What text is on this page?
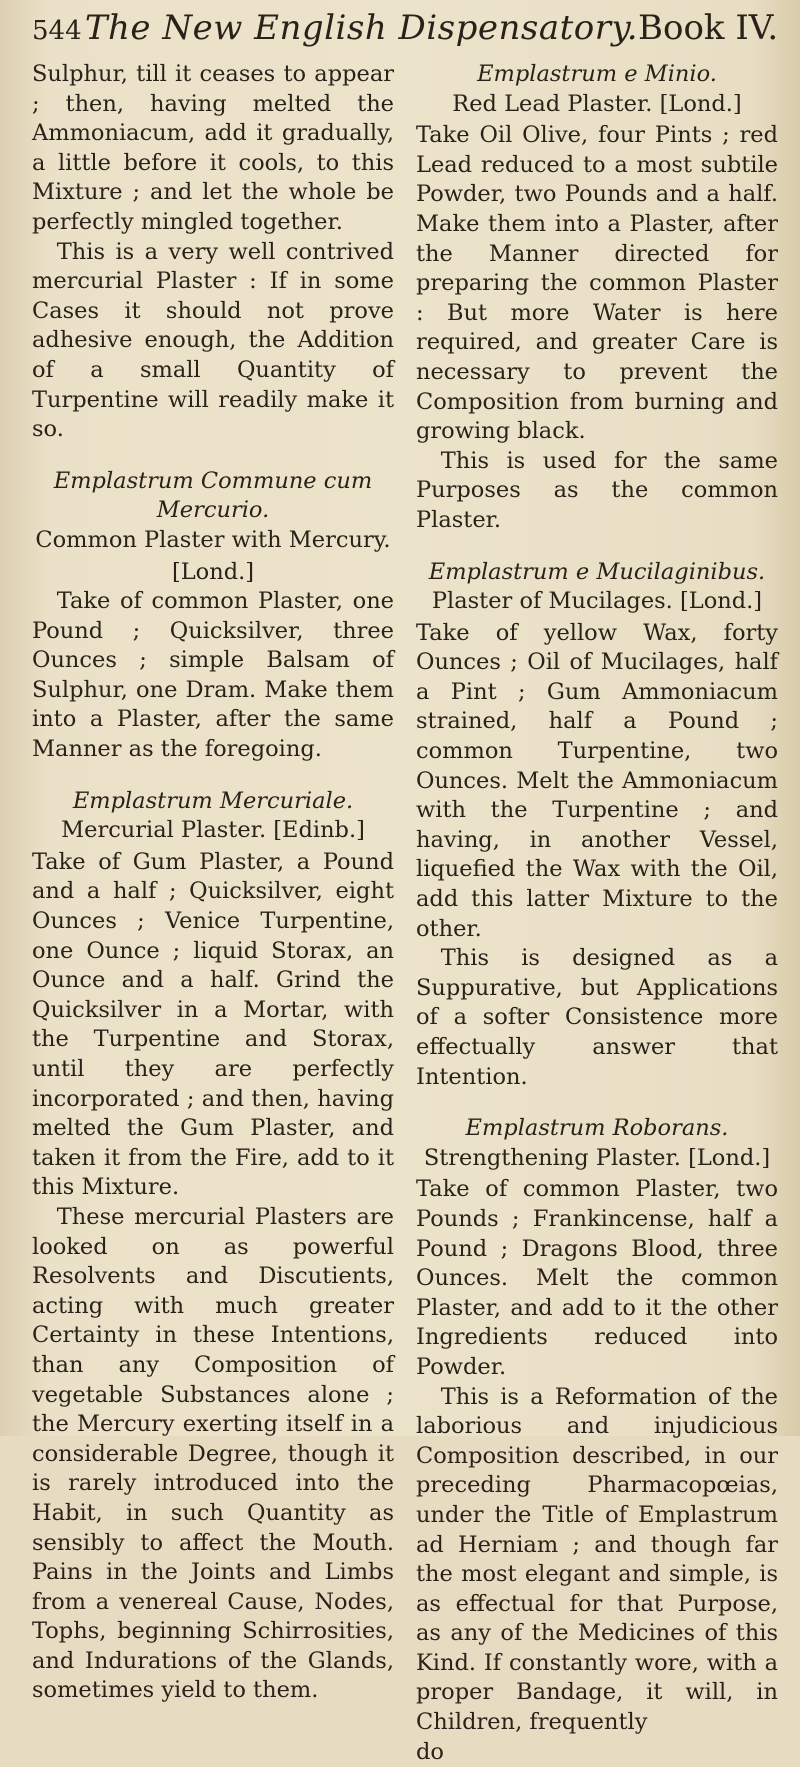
544 The New English Dispensatory. Book IV.

Sulphur, till it ceases to appear ; then, having melted the Ammoniacum, add it gradually, a little before it cools, to this Mixture ; and let the whole be perfectly mingled together.

This is a very well contrived mercurial Plaster : If in some Cases it should not prove adhesive enough, the Addition of a small Quantity of Turpentine will readily make it so.

Emplastrum Commune cum Mercurio.

Common Plaster with Mercury.

[Lond.]

Take of common Plaster, one Pound ; Quicksilver, three Ounces ; simple Balsam of Sulphur, one Dram. Make them into a Plaster, after the same Manner as the foregoing.

Emplastrum Mercuriale.

Mercurial Plaster. [Edinb.]

Take of Gum Plaster, a Pound and a half ; Quicksilver, eight Ounces ; Venice Turpentine, one Ounce ; liquid Storax, an Ounce and a half. Grind the Quicksilver in a Mortar, with the Turpentine and Storax, until they are perfectly incorporated ; and then, having melted the Gum Plaster, and taken it from the Fire, add to it this Mixture.

These mercurial Plasters are looked on as powerful Resolvents and Discutients, acting with much greater Certainty in these Intentions, than any Composition of vegetable Substances alone ; the Mercury exerting itself in a considerable Degree, though it is rarely introduced into the Habit, in such Quantity as sensibly to affect the Mouth. Pains in the Joints and Limbs from a venereal Cause, Nodes, Tophs, beginning Schirrosities, and Indurations of the Glands, sometimes yield to them.

Emplastrum e Minio.

Red Lead Plaster. [Lond.]

Take Oil Olive, four Pints ; red Lead reduced to a most subtile Powder, two Pounds and a half. Make them into a Plaster, after the Manner directed for preparing the common Plaster : But more Water is here required, and greater Care is necessary to prevent the Composition from burning and growing black.

This is used for the same Purposes as the common Plaster.

Emplastrum e Mucilaginibus.

Plaster of Mucilages. [Lond.]

Take of yellow Wax, forty Ounces ; Oil of Mucilages, half a Pint ; Gum Ammoniacum strained, half a Pound ; common Turpentine, two Ounces. Melt the Ammoniacum with the Turpentine ; and having, in another Vessel, liquefied the Wax with the Oil, add this latter Mixture to the other.

This is designed as a Suppurative, but Applications of a softer Consistence more effectually answer that Intention.

Emplastrum Roborans.

Strengthening Plaster. [Lond.]

Take of common Plaster, two Pounds ; Frankincense, half a Pound ; Dragons Blood, three Ounces. Melt the common Plaster, and add to it the other Ingredients reduced into Powder.

This is a Reformation of the laborious and injudicious Composition described, in our preceding Pharmacopœias, under the Title of Emplastrum ad Herniam ; and though far the most elegant and simple, is as effectual for that Purpose, as any of the Medicines of this Kind. If constantly wore, with a proper Bandage, it will, in Children, frequently

do
